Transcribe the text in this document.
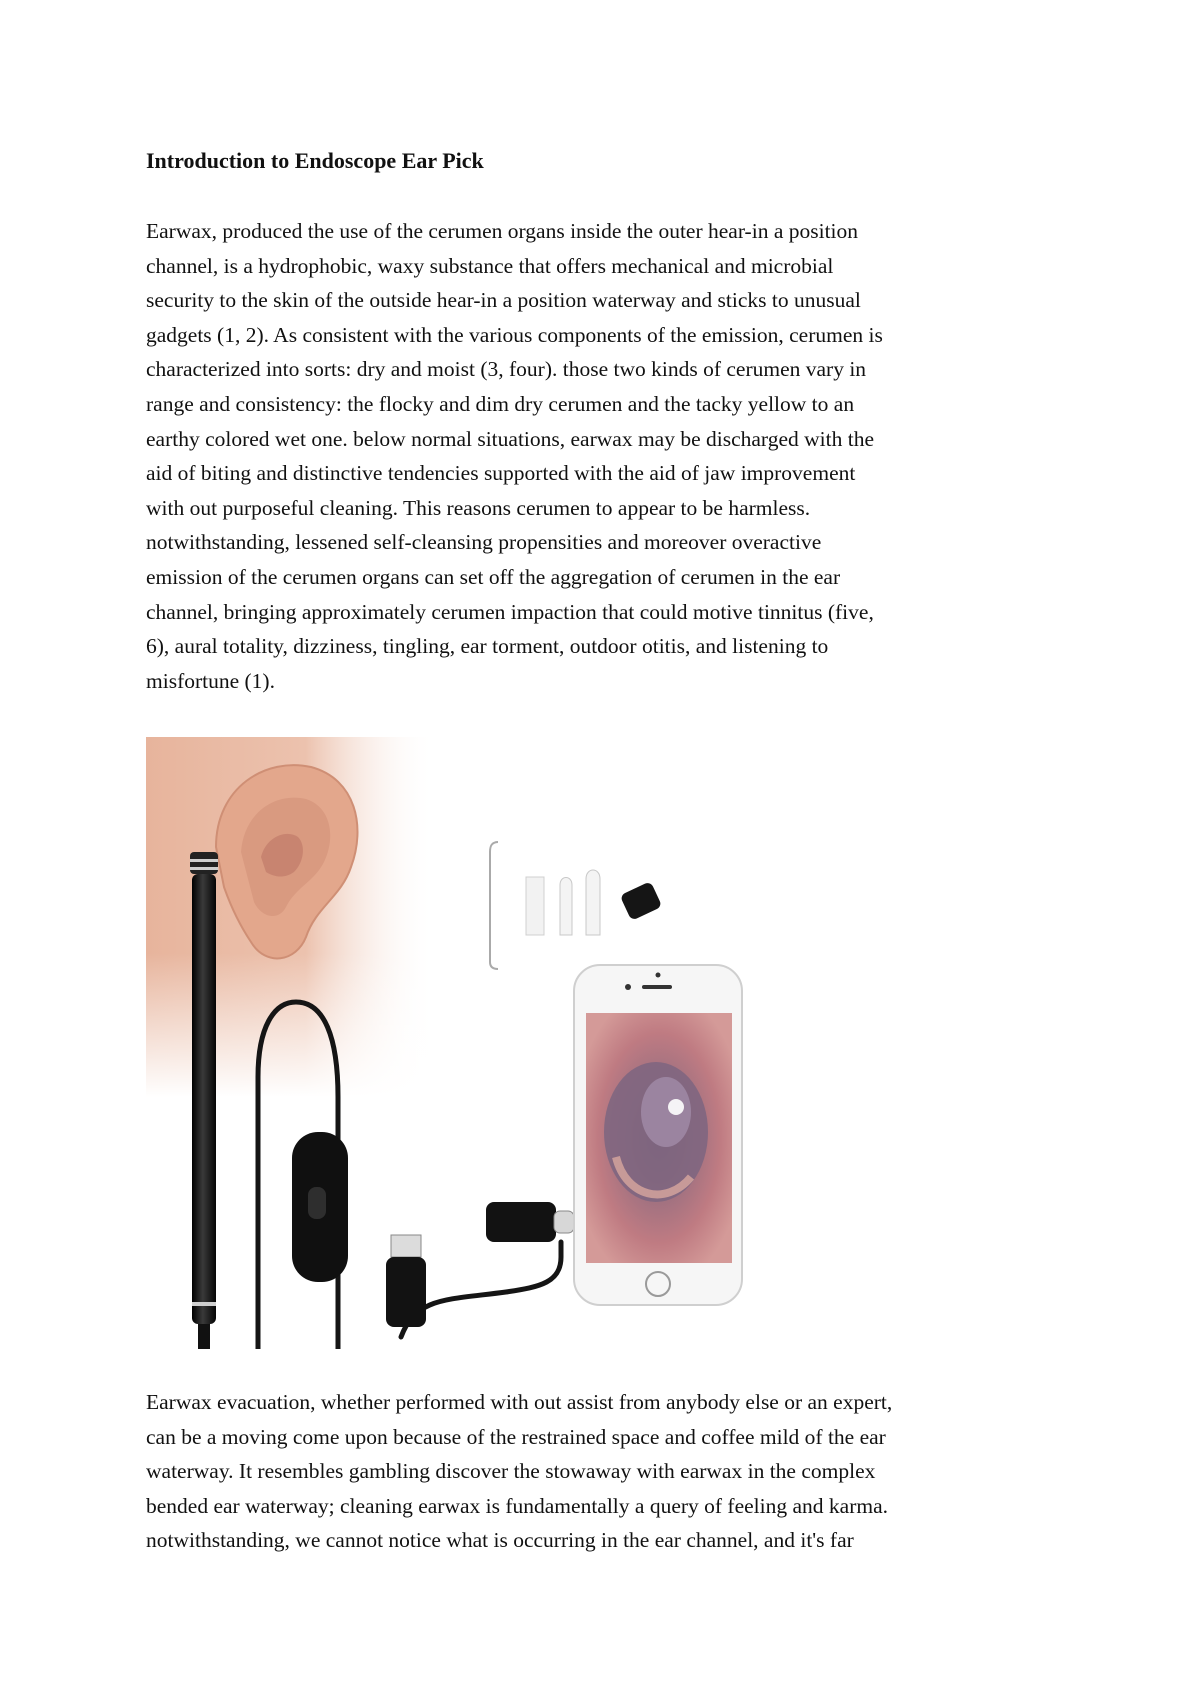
Introduction to Endoscope Ear Pick

Earwax, produced the use of the cerumen organs inside the outer hear-in a position
channel, is a hydrophobic, waxy substance that offers mechanical and microbial
security to the skin of the outside hear-in a position waterway and sticks to unusual
gadgets (1, 2). As consistent with the various components of the emission, cerumen is
characterized into sorts: dry and moist (3, four). those two kinds of cerumen vary in
range and consistency: the flocky and dim dry cerumen and the tacky yellow to an
earthy colored wet one. below normal situations, earwax may be discharged with the
aid of biting and distinctive tendencies supported with the aid of jaw improvement
with out purposeful cleaning. This reasons cerumen to appear to be harmless.
notwithstanding, lessened self-cleansing propensities and moreover overactive
emission of the cerumen organs can set off the aggregation of cerumen in the ear
channel, bringing approximately cerumen impaction that could motive tinnitus (five,
6), aural totality, dizziness, tingling, ear torment, outdoor otitis, and listening to
misfortune (1).

Earwax evacuation, whether performed with out assist from anybody else or an expert,
can be a moving come upon because of the restrained space and coffee mild of the ear
waterway. It resembles gambling discover the stowaway with earwax in the complex
bended ear waterway; cleaning earwax is fundamentally a query of feeling and karma.
notwithstanding, we cannot notice what is occurring in the ear channel, and it's far
